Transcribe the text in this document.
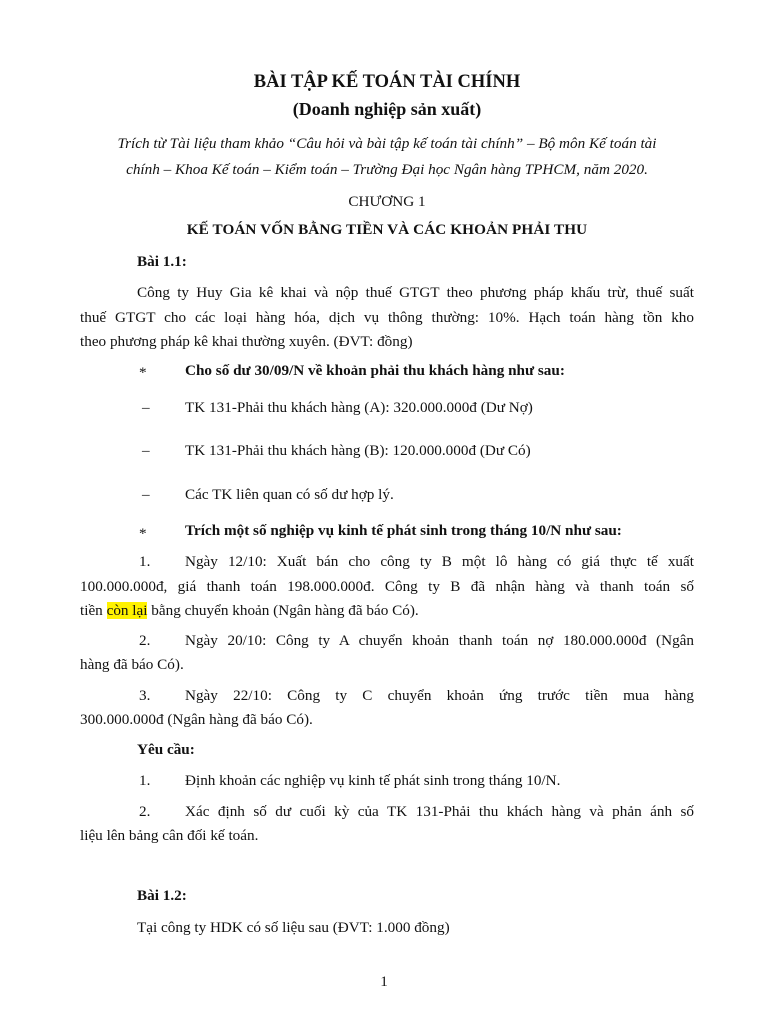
BÀI TẬP KẾ TOÁN TÀI CHÍNH
(Doanh nghiệp sản xuất)
Trích từ Tài liệu tham khảo “Câu hỏi và bài tập kế toán tài chính” – Bộ môn Kế toán tài
chính – Khoa Kế toán – Kiểm toán – Trường Đại học Ngân hàng TPHCM, năm 2020.
CHƯƠNG 1
KẾ TOÁN VỐN BẰNG TIỀN VÀ CÁC KHOẢN PHẢI THU
Bài 1.1:
Công ty Huy Gia kê khai và nộp thuế GTGT theo phương pháp khấu trừ, thuế suất
thuế GTGT cho các loại hàng hóa, dịch vụ thông thường: 10%. Hạch toán hàng tồn kho
theo phương pháp kê khai thường xuyên. (ĐVT: đồng)
*	Cho số dư 30/09/N về khoản phải thu khách hàng như sau:
– TK 131-Phải thu khách hàng (A): 320.000.000đ (Dư Nợ)
– TK 131-Phải thu khách hàng (B): 120.000.000đ (Dư Có)
– Các TK liên quan có số dư hợp lý.
*	Trích một số nghiệp vụ kinh tế phát sinh trong tháng 10/N như sau:
1. Ngày 12/10: Xuất bán cho công ty B một lô hàng có giá thực tế xuất
100.000.000đ, giá thanh toán 198.000.000đ. Công ty B đã nhận hàng và thanh toán số
tiền còn lại bằng chuyển khoản (Ngân hàng đã báo Có).
2. Ngày 20/10: Công ty A chuyển khoản thanh toán nợ 180.000.000đ (Ngân
hàng đã báo Có).
3. Ngày 22/10: Công ty C chuyển khoản ứng trước tiền mua hàng
300.000.000đ (Ngân hàng đã báo Có).
Yêu cầu:
1. Định khoản các nghiệp vụ kinh tế phát sinh trong tháng 10/N.
2. Xác định số dư cuối kỳ của TK 131-Phải thu khách hàng và phản ánh số
liệu lên bảng cân đối kế toán.
Bài 1.2:
Tại công ty HDK có số liệu sau (ĐVT: 1.000 đồng)
1
